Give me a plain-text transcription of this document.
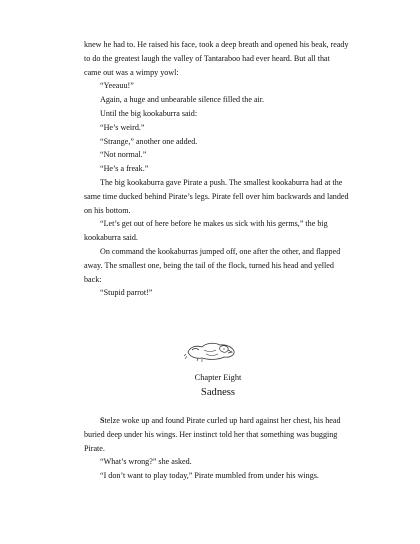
knew he had to. He raised his face, took a deep breath and opened his beak, ready

to do the greatest laugh the valley of Tantaraboo had ever heard. But all that

came out was a wimpy yowl:

“Yeeauu!”

Again, a huge and unbearable silence filled the air.

Until the big kookaburra said:

“He’s weird.”

“Strange,” another one added.

“Not normal.”

“He’s a freak.”

The big kookaburra gave Pirate a push. The smallest kookaburra had at the

same time ducked behind Pirate’s legs. Pirate fell over him backwards and landed

on his bottom.

“Let’s get out of here before he makes us sick with his germs,” the big

kookaburra said.

On command the kookaburras jumped off, one after the other, and flapped

away. The smallest one, being the tail of the flock, turned his head and yelled

back:

“Stupid parrot!”

Chapter Eight

Sadness

Stelze woke up and found Pirate curled up hard against her chest, his head

buried deep under his wings. Her instinct told her that something was bugging

Pirate.

“What’s wrong?” she asked.

“I don’t want to play today,” Pirate mumbled from under his wings.
